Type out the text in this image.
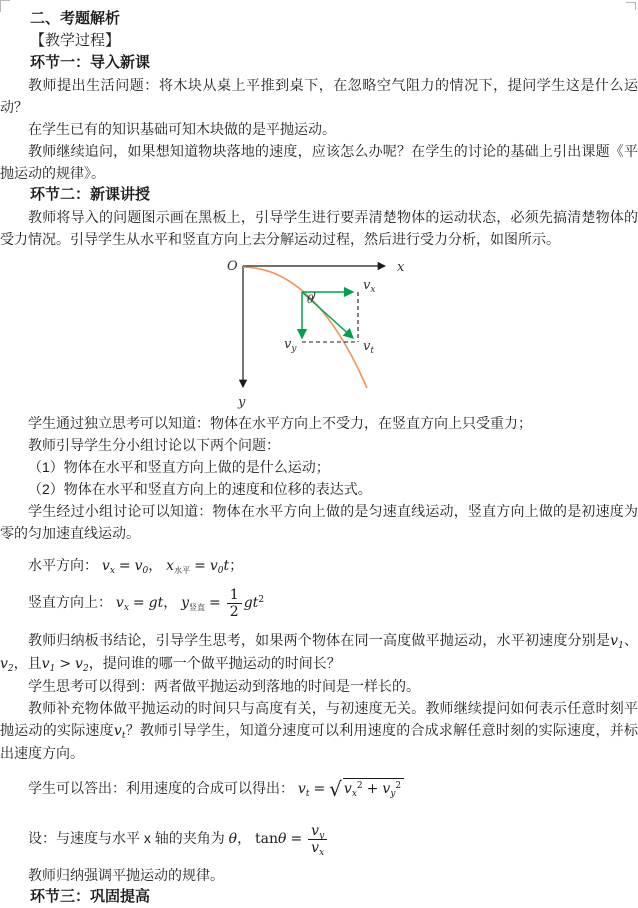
二、考题解析
【教学过程】
环节一：导入新课
教师提出生活问题：将木块从桌上平推到桌下，在忽略空气阻力的情况下，提问学生这是什么运动？
在学生已有的知识基础可知木块做的是平抛运动。
教师继续追问，如果想知道物块落地的速度，应该怎么办呢？在学生的讨论的基础上引出课题《平抛运动的规律》。
环节二：新课讲授
教师将导入的问题图示画在黑板上，引导学生进行要弄清楚物体的运动状态，必须先搞清楚物体的受力情况。引导学生从水平和竖直方向上去分解运动过程，然后进行受力分析，如图所示。
O	x
y
θ
$v_x$
$v_y$	$v_t$
学生通过独立思考可以知道：物体在水平方向上不受力，在竖直方向上只受重力；
教师引导学生分小组讨论以下两个问题：
（1）物体在水平和竖直方向上做的是什么运动；
（2）物体在水平和竖直方向上的速度和位移的表达式。
学生经过小组讨论可以知道：物体在水平方向上做的是匀速直线运动，竖直方向上做的是初速度为零的匀加速直线运动。
水平方向： $v_x = v_0$， $x_{水平} = v_0t$；
竖直方向上： $v_x$ = gt， $y_{竖直} = \frac{1}{2} gt^2$
教师归纳板书结论，引导学生思考，如果两个物体在同一高度做平抛运动，水平初速度分别是$v_1$、$v_2$，且$v_1 > v_2$，提问谁的哪一个做平抛运动的时间长？
学生思考可以得到：两者做平抛运动到落地的时间是一样长的。
教师补充物体做平抛运动的时间只与高度有关，与初速度无关。教师继续提问如何表示任意时刻平抛运动的实际速度$v_t$？教师引导学生，知道分速度可以利用速度的合成求解任意时刻的实际速度，并标出速度方向。
学生可以答出：利用速度的合成可以得出： $v_t$ = √ $v_x^2 + v_y^2$
设：与速度与水平 x 轴的夹角为 θ， $\tan\theta = \frac{v_y}{v_x}$
教师归纳强调平抛运动的规律。
环节三：巩固提高
